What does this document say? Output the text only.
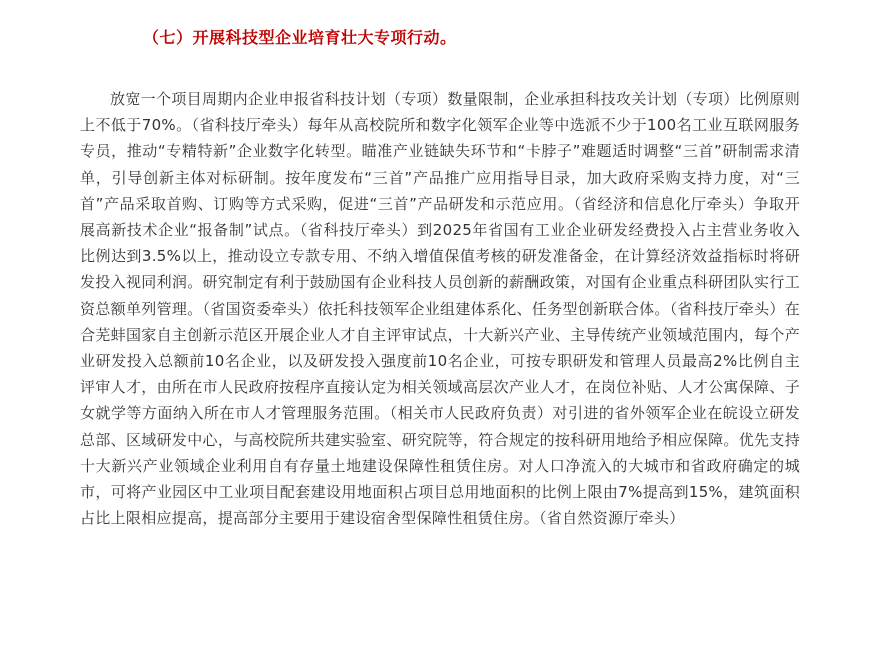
（七）开展科技型企业培育壮大专项行动。

放宽一个项目周期内企业申报省科技计划（专项）数量限制，企业承担科技攻关计划（专项）比例原则上不低于70%。（省科技厅牵头）每年从高校院所和数字化领军企业等中选派不少于100名工业互联网服务专员，推动“专精特新”企业数字化转型。瞄准产业链缺失环节和“卡脖子”难题适时调整“三首”研制需求清单，引导创新主体对标研制。按年度发布“三首”产品推广应用指导目录，加大政府采购支持力度，对“三首”产品采取首购、订购等方式采购，促进“三首”产品研发和示范应用。（省经济和信息化厅牵头）争取开展高新技术企业“报备制”试点。（省科技厅牵头）到2025年省国有工业企业研发经费投入占主营业务收入比例达到3.5%以上，推动设立专款专用、不纳入增值保值考核的研发准备金，在计算经济效益指标时将研发投入视同利润。研究制定有利于鼓励国有企业科技人员创新的薪酬政策，对国有企业重点科研团队实行工资总额单列管理。（省国资委牵头）依托科技领军企业组建体系化、任务型创新联合体。（省科技厅牵头）在合芜蚌国家自主创新示范区开展企业人才自主评审试点，十大新兴产业、主导传统产业领域范围内，每个产业研发投入总额前10名企业，以及研发投入强度前10名企业，可按专职研发和管理人员最高2%比例自主评审人才，由所在市人民政府按程序直接认定为相关领域高层次产业人才，在岗位补贴、人才公寓保障、子女就学等方面纳入所在市人才管理服务范围。（相关市人民政府负责）对引进的省外领军企业在皖设立研发总部、区域研发中心，与高校院所共建实验室、研究院等，符合规定的按科研用地给予相应保障。优先支持十大新兴产业领域企业利用自有存量土地建设保障性租赁住房。对人口净流入的大城市和省政府确定的城市，可将产业园区中工业项目配套建设用地面积占项目总用地面积的比例上限由7%提高到15%，建筑面积占比上限相应提高，提高部分主要用于建设宿舍型保障性租赁住房。（省自然资源厅牵头）
